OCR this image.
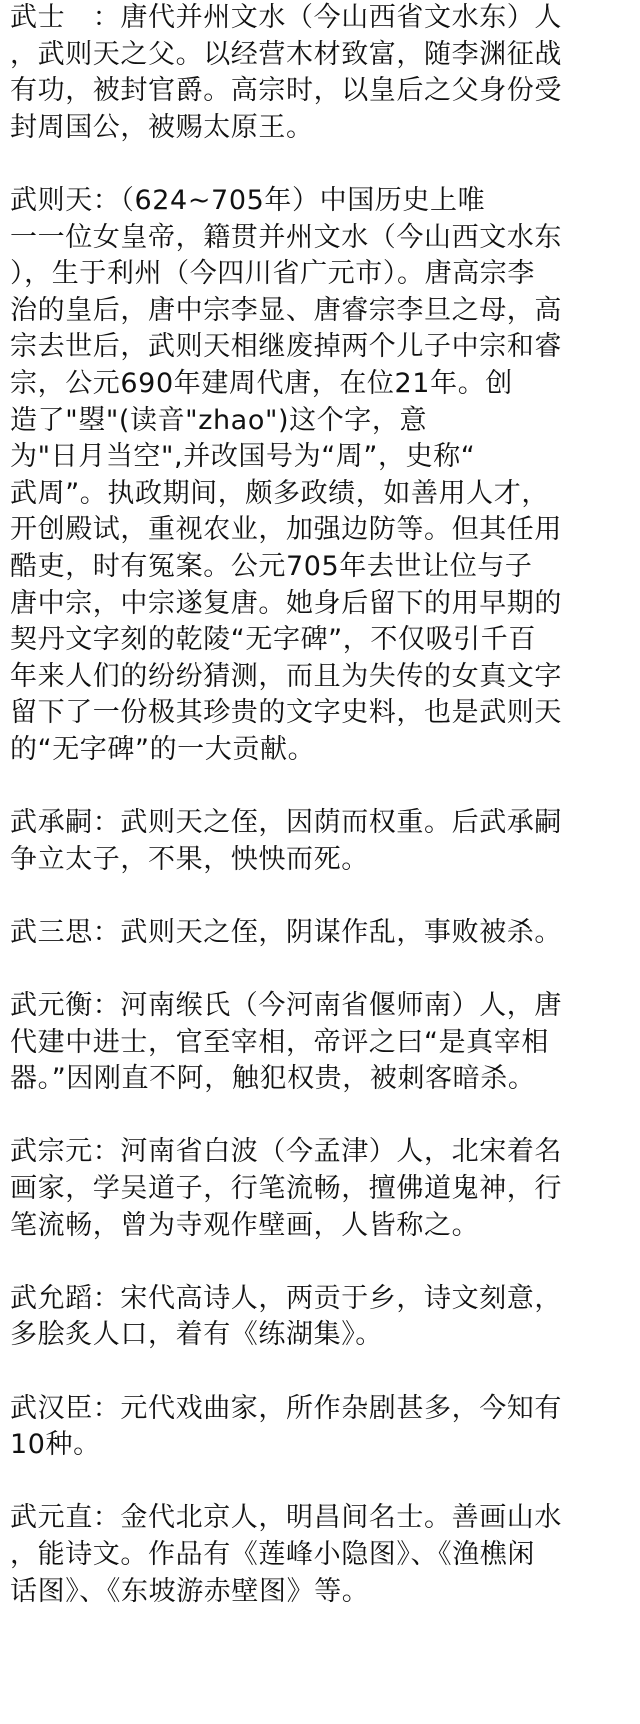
武士　：唐代并州文水（今山西省文水东）人
，武则天之父。以经营木材致富，随李渊征战
有功，被封官爵。高宗时，以皇后之父身份受
封周国公，被赐太原王。
武则天：（624~705年）中国历史上唯
一一位女皇帝，籍贯并州文水（今山西文水东
），生于利州（今四川省广元市）。唐高宗李
治的皇后，唐中宗李显、唐睿宗李旦之母，高
宗去世后，武则天相继废掉两个儿子中宗和睿
宗，公元690年建周代唐，在位21年。创
造了"曌"(读音"zhao")这个字，意
为"日月当空",并改国号为“周”，史称“
武周”。执政期间，颇多政绩，如善用人才，
开创殿试，重视农业，加强边防等。但其任用
酷吏，时有冤案。公元705年去世让位与子
唐中宗，中宗遂复唐。她身后留下的用早期的
契丹文字刻的乾陵“无字碑”，不仅吸引千百
年来人们的纷纷猜测，而且为失传的女真文字
留下了一份极其珍贵的文字史料，也是武则天
的“无字碑”的一大贡献。
武承嗣：武则天之侄，因荫而权重。后武承嗣
争立太子，不果，怏怏而死。
武三思：武则天之侄，阴谋作乱，事败被杀。
武元衡：河南缑氏（今河南省偃师南）人，唐
代建中进士，官至宰相，帝评之曰“是真宰相
器。”因刚直不阿，触犯权贵，被刺客暗杀。
武宗元：河南省白波（今孟津）人，北宋着名
画家，学吴道子，行笔流畅，擅佛道鬼神，行
笔流畅，曾为寺观作壁画，人皆称之。
武允蹈：宋代高诗人，两贡于乡，诗文刻意，
多脍炙人口，着有《练湖集》。
武汉臣：元代戏曲家，所作杂剧甚多，今知有
10种。
武元直：金代北京人，明昌间名士。善画山水
，能诗文。作品有《莲峰小隐图》、《渔樵闲
话图》、《东坡游赤壁图》等。
